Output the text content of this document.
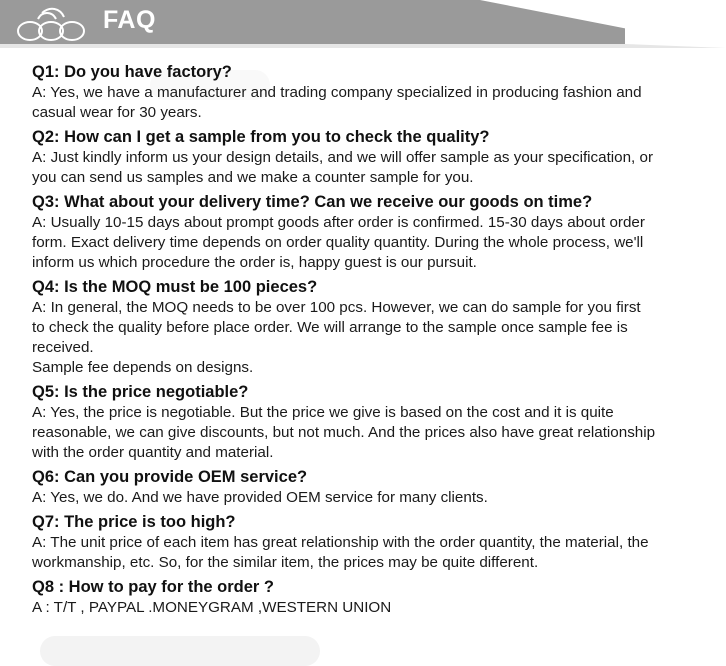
FAQ
Q1: Do you have factory?

A: Yes, we have a manufacturer and trading company specialized in producing fashion and

casual wear for 30 years.

Q2: How can I get a sample from you to check the quality?

A: Just kindly inform us your design details, and we will offer sample as your specification, or

you can send us samples and we make a counter sample for you.

Q3: What about your delivery time? Can we receive our goods on time?

A: Usually 10-15 days about prompt goods after order is confirmed. 15-30 days about order

form. Exact delivery time depends on order quality quantity. During the whole process, we'll

inform us which procedure the order is, happy guest is our pursuit.

Q4: Is the MOQ must be 100 pieces?

A: In general, the MOQ needs to be over 100 pcs. However, we can do sample for you first

to check the quality before place order. We will arrange to the sample once sample fee is

received.

Sample fee depends on designs.

Q5: Is the price negotiable?

A: Yes, the price is negotiable. But the price we give is based on the cost and it is quite

reasonable, we can give discounts, but not much. And the prices also have great relationship

with the order quantity and material.

Q6: Can you provide OEM service?

A: Yes, we do. And we have provided OEM service for many clients.

Q7: The price is too high?

A: The unit price of each item has great relationship with the order quantity, the material, the

workmanship, etc. So, for the similar item, the prices may be quite different.

Q8 : How to pay for the order ?

A : T/T , PAYPAL .MONEYGRAM ,WESTERN UNION
